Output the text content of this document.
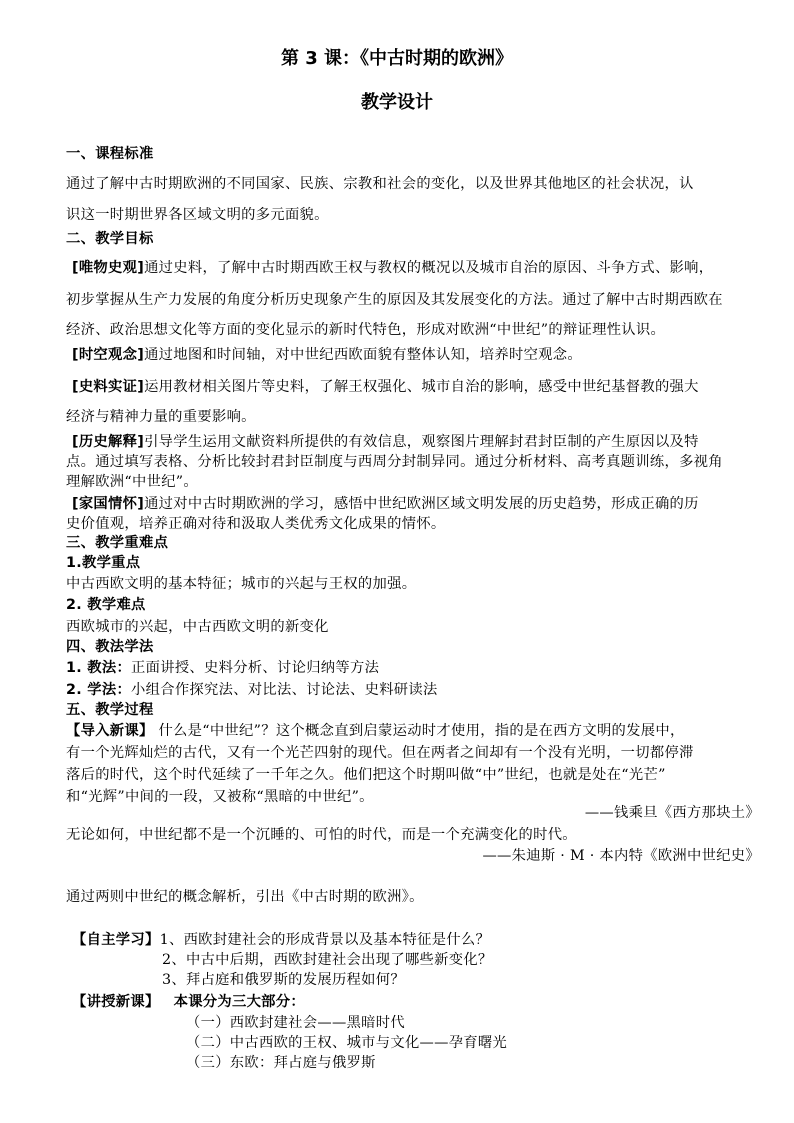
第 3 课：《中古时期的欧洲》
教学设计
一、课程标准
通过了解中古时期欧洲的不同国家、民族、宗教和社会的变化，以及世界其他地区的社会状况，认
识这一时期世界各区域文明的多元面貌。
二、教学目标
[唯物史观]通过史料，了解中古时期西欧王权与教权的概况以及城市自治的原因、斗争方式、影响，
初步掌握从生产力发展的角度分析历史现象产生的原因及其发展变化的方法。通过了解中古时期西欧在
经济、政治思想文化等方面的变化显示的新时代特色，形成对欧洲“中世纪”的辩证理性认识。
[时空观念]通过地图和时间轴，对中世纪西欧面貌有整体认知，培养时空观念。
[史料实证]运用教材相关图片等史料，了解王权强化、城市自治的影响，感受中世纪基督教的强大
经济与精神力量的重要影响。
[历史解释]引导学生运用文献资料所提供的有效信息，观察图片理解封君封臣制的产生原因以及特
点。通过填写表格、分析比较封君封臣制度与西周分封制异同。通过分析材料、高考真题训练，多视角
理解欧洲“中世纪”。
[家国情怀]通过对中古时期欧洲的学习，感悟中世纪欧洲区域文明发展的历史趋势，形成正确的历
史价值观，培养正确对待和汲取人类优秀文化成果的情怀。
三、教学重难点
1.教学重点
中古西欧文明的基本特征；城市的兴起与王权的加强。
2. 教学难点
西欧城市的兴起，中古西欧文明的新变化
四、教法学法
1. 教法：正面讲授、史料分析、讨论归纳等方法
2. 学法：小组合作探究法、对比法、讨论法、史料研读法
五、教学过程
【导入新课】 什么是“中世纪”？这个概念直到启蒙运动时才使用，指的是在西方文明的发展中，
有一个光辉灿烂的古代，又有一个光芒四射的现代。但在两者之间却有一个没有光明，一切都停滞
落后的时代，这个时代延续了一千年之久。他们把这个时期叫做“中”世纪，也就是处在“光芒”
和“光辉”中间的一段，又被称“黑暗的中世纪”。
——钱乘旦《西方那块土》
无论如何，中世纪都不是一个沉睡的、可怕的时代，而是一个充满变化的时代。
——朱迪斯 · M · 本内特《欧洲中世纪史》
通过两则中世纪的概念解析，引出《中古时期的欧洲》。
【自主学习】1、西欧封建社会的形成背景以及基本特征是什么？
2、中古中后期，西欧封建社会出现了哪些新变化？
3、拜占庭和俄罗斯的发展历程如何？
【讲授新课】 本课分为三大部分：
（一）西欧封建社会——黑暗时代
（二）中古西欧的王权、城市与文化——孕育曙光
（三）东欧：拜占庭与俄罗斯
